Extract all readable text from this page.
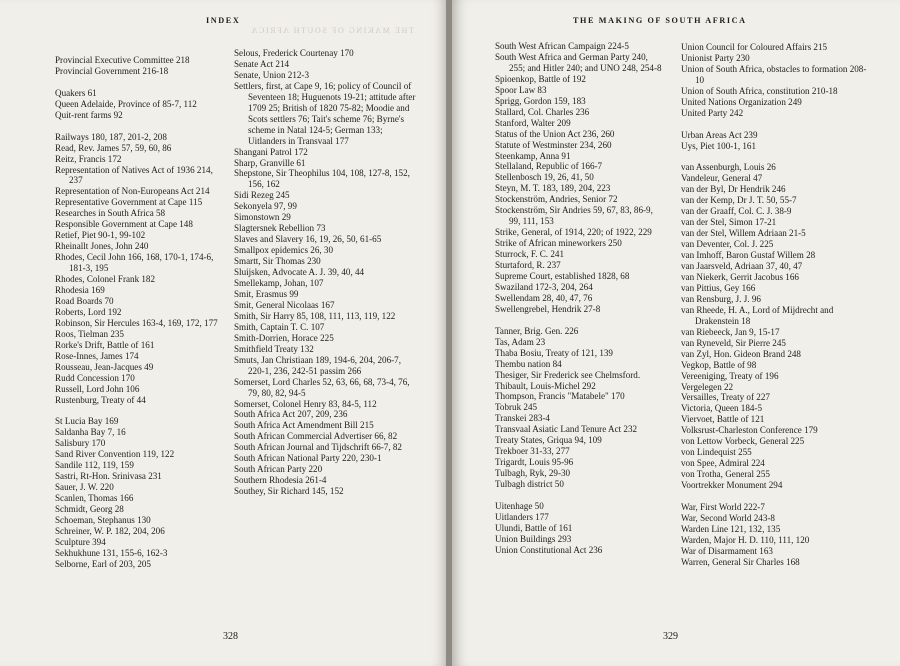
THE MAKING OF SOUTH AFRICA
INDEX
Provincial Executive Committee 218
Provincial Government 216-18
Quakers 61
Queen Adelaide, Province of 85-7, 112
Quit-rent farms 92
Railways 180, 187, 201-2, 208
Read, Rev. James 57, 59, 60, 86
Reitz, Francis 172
Representation of Natives Act of 1936 214, 237
Representation of Non-Europeans Act 214
Representative Government at Cape 115
Researches in South Africa 58
Responsible Government at Cape 148
Retief, Piet 90-1, 99-102
Rheinallt Jones, John 240
Rhodes, Cecil John 166, 168, 170-1, 174-6, 181-3, 195
Rhodes, Colonel Frank 182
Rhodesia 169
Road Boards 70
Roberts, Lord 192
Robinson, Sir Hercules 163-4, 169, 172, 177
Roos, Tielman 235
Rorke's Drift, Battle of 161
Rose-Innes, James 174
Rousseau, Jean-Jacques 49
Rudd Concession 170
Russell, Lord John 106
Rustenburg, Treaty of 44
St Lucia Bay 169
Saldanha Bay 7, 16
Salisbury 170
Sand River Convention 119, 122
Sandile 112, 119, 159
Sastri, Rt-Hon. Srinivasa 231
Sauer, J. W. 220
Scanlen, Thomas 166
Schmidt, Georg 28
Schoeman, Stephanus 130
Schreiner, W. P. 182, 204, 206
Sculpture 394
Sekhukhune 131, 155-6, 162-3
Selborne, Earl of 203, 205
Selous, Frederick Courtenay 170
Senate Act 214
Senate, Union 212-3
Settlers, first, at Cape 9, 16; policy of Council of Seventeen 18; Huguenots 19-21; attitude after 1709 25; British of 1820 75-82; Moodie and Scots settlers 76; Tait's scheme 76; Byrne's scheme in Natal 124-5; German 133; Uitlanders in Transvaal 177
Shangani Patrol 172
Sharp, Granville 61
Shepstone, Sir Theophilus 104, 108, 127-8, 152, 156, 162
Sidi Rezeg 245
Sekonyela 97, 99
Simonstown 29
Slagtersnek Rebellion 73
Slaves and Slavery 16, 19, 26, 50, 61-65
Smallpox epidemics 26, 30
Smartt, Sir Thomas 230
Sluijsken, Advocate A. J. 39, 40, 44
Smellekamp, Johan, 107
Smit, Erasmus 99
Smit, General Nicolaas 167
Smith, Sir Harry 85, 108, 111, 113, 119, 122
Smith, Captain T. C. 107
Smith-Dorrien, Horace 225
Smithfield Treaty 132
Smuts, Jan Christiaan 189, 194-6, 204, 206-7, 220-1, 236, 242-51 passim 266
Somerset, Lord Charles 52, 63, 66, 68, 73-4, 76, 79, 80, 82, 94-5
Somerset, Colonel Henry 83, 84-5, 112
South Africa Act 207, 209, 236
South Africa Act Amendment Bill 215
South African Commercial Advertiser 66, 82
South African Journal and Tijdschrift 66-7, 82
South African National Party 220, 230-1
South African Party 220
Southern Rhodesia 261-4
Southey, Sir Richard 145, 152
328
THE MAKING OF SOUTH AFRICA
South West African Campaign 224-5
South West Africa and German Party 240, 255; and Hitler 240; and UNO 248, 254-8
Spioenkop, Battle of 192
Spoor Law 83
Sprigg, Gordon 159, 183
Stallard, Col. Charles 236
Stanford, Walter 209
Status of the Union Act 236, 260
Statute of Westminster 234, 260
Steenkamp, Anna 91
Stellaland, Republic of 166-7
Stellenbosch 19, 26, 41, 50
Steyn, M. T. 183, 189, 204, 223
Stockenström, Andries, Senior 72
Stockenström, Sir Andries 59, 67, 83, 86-9, 99, 111, 153
Strike, General, of 1914, 220; of 1922, 229
Strike of African mineworkers 250
Sturrock, F. C. 241
Sturtaford, R. 237
Supreme Court, established 1828, 68
Swaziland 172-3, 204, 264
Swellendam 28, 40, 47, 76
Swellengrebel, Hendrik 27-8
Tanner, Brig. Gen. 226
Tas, Adam 23
Thaba Bosiu, Treaty of 121, 139
Thembu nation 84
Thesiger, Sir Frederick see Chelmsford.
Thibault, Louis-Michel 292
Thompson, Francis "Matabele" 170
Tobruk 245
Transkei 283-4
Transvaal Asiatic Land Tenure Act 232
Treaty States, Griqua 94, 109
Trekboer 31-33, 277
Trigardt, Louis 95-96
Tulbagh, Ryk, 29-30
Tulbagh district 50
Uitenhage 50
Uitlanders 177
Ulundi, Battle of 161
Union Buildings 293
Union Constitutional Act 236
Union Council for Coloured Affairs 215
Unionist Party 230
Union of South Africa, obstacles to formation 208-10
Union of South Africa, constitution 210-18
United Nations Organization 249
United Party 242
Urban Areas Act 239
Uys, Piet 100-1, 161
van Assenburgh, Louis 26
Vandeleur, General 47
van der Byl, Dr Hendrik 246
van der Kemp, Dr J. T. 50, 55-7
van der Graaff, Col. C. J. 38-9
van der Stel, Simon 17-21
van der Stel, Willem Adriaan 21-5
van Deventer, Col. J. 225
van Imhoff, Baron Gustaf Willem 28
van Jaarsveld, Adriaan 37, 40, 47
van Niekerk, Gerrit Jacobus 166
van Pittius, Gey 166
van Rensburg, J. J. 96
van Rheede, H. A., Lord of Mijdrecht and Drakenstein 18
van Riebeeck, Jan 9, 15-17
van Ryneveld, Sir Pierre 245
van Zyl, Hon. Gideon Brand 248
Vegkop, Battle of 98
Vereeniging, Treaty of 196
Vergelegen 22
Versailles, Treaty of 227
Victoria, Queen 184-5
Viervoet, Battle of 121
Volksrust-Charleston Conference 179
von Lettow Vorbeck, General 225
von Lindequist 255
von Spee, Admiral 224
von Trotha, General 255
Voortrekker Monument 294
War, First World 222-7
War, Second World 243-8
Warden Line 121, 132, 135
Warden, Major H. D. 110, 111, 120
War of Disarmament 163
Warren, General Sir Charles 168
329
